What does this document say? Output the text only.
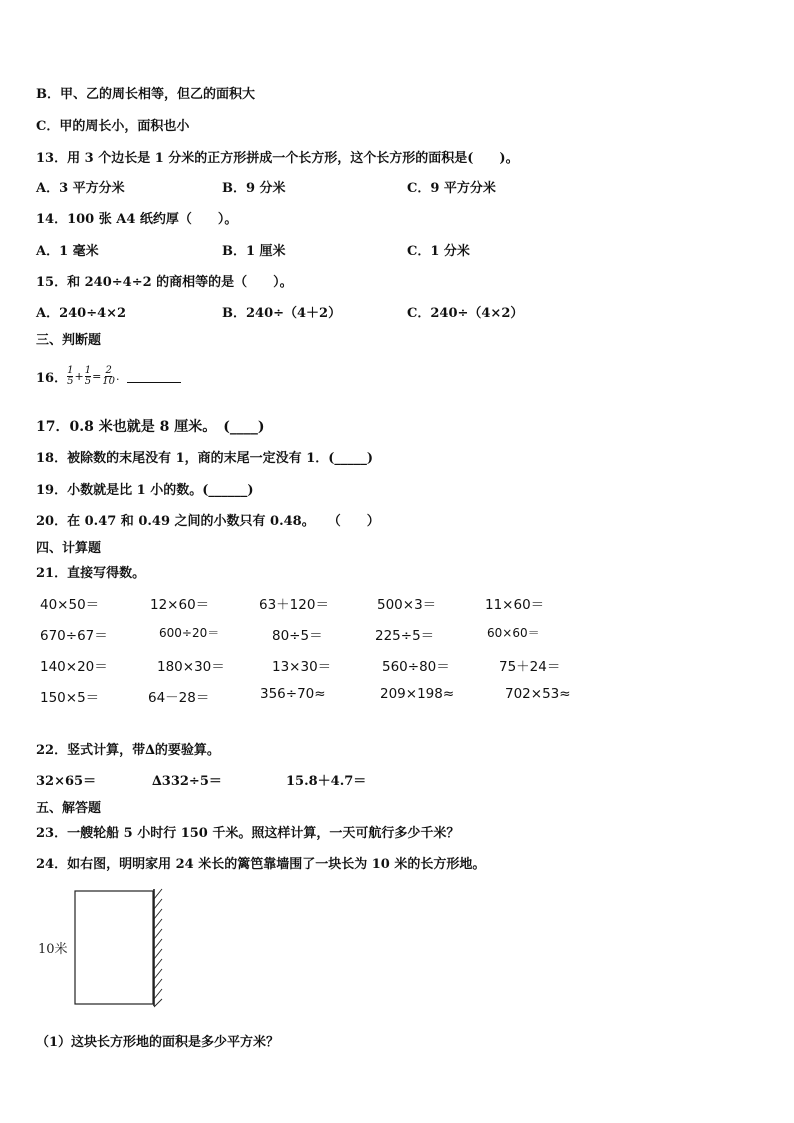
B．甲、乙的周长相等，但乙的面积大
C．甲的周长小，面积也小
13．用 3 个边长是 1 分米的正方形拼成一个长方形，这个长方形的面积是(　　)。
A．3 平方分米	B．9 分米	C．9 平方分米
14．100 张 A4 纸约厚（　　）。
A．1 毫米	B．1 厘米	C．1 分米
15．和 240÷4÷2 的商相等的是（　　）。
A．240÷4×2	B．240÷（4＋2）	C．240÷（4×2）
三、判断题
16． $\frac{1}{5} + \frac{1}{5} = \frac{2}{10}$ .
17．0.8 米也就是 8 厘米。　(____)
18．被除数的末尾没有 1，商的末尾一定没有 1．(_____)
19．小数就是比 1 小的数。(______)
20．在 0.47 和 0.49 之间的小数只有 0.48。　　（　　）
四、计算题
21．直接写得数。
40×50＝	12×60＝	63＋120＝	500×3＝	11×60＝
670÷67＝	600÷20＝	80÷5＝	225÷5＝	60×60＝
140×20＝	180×30＝	13×30＝	560÷80＝	75＋24＝
150×5＝	64－28＝	356÷70≈	209×198≈	702×53≈
22．竖式计算，带∆的要验算。
32×65＝	∆332÷5＝	15.8＋4.7＝
五、解答题
23．一艘轮船 5 小时行 150 千米。照这样计算，一天可航行多少千米？
24．如右图，明明家用 24 米长的篱笆靠墙围了一块长为 10 米的长方形地。
10米
（1）这块长方形地的面积是多少平方米？
